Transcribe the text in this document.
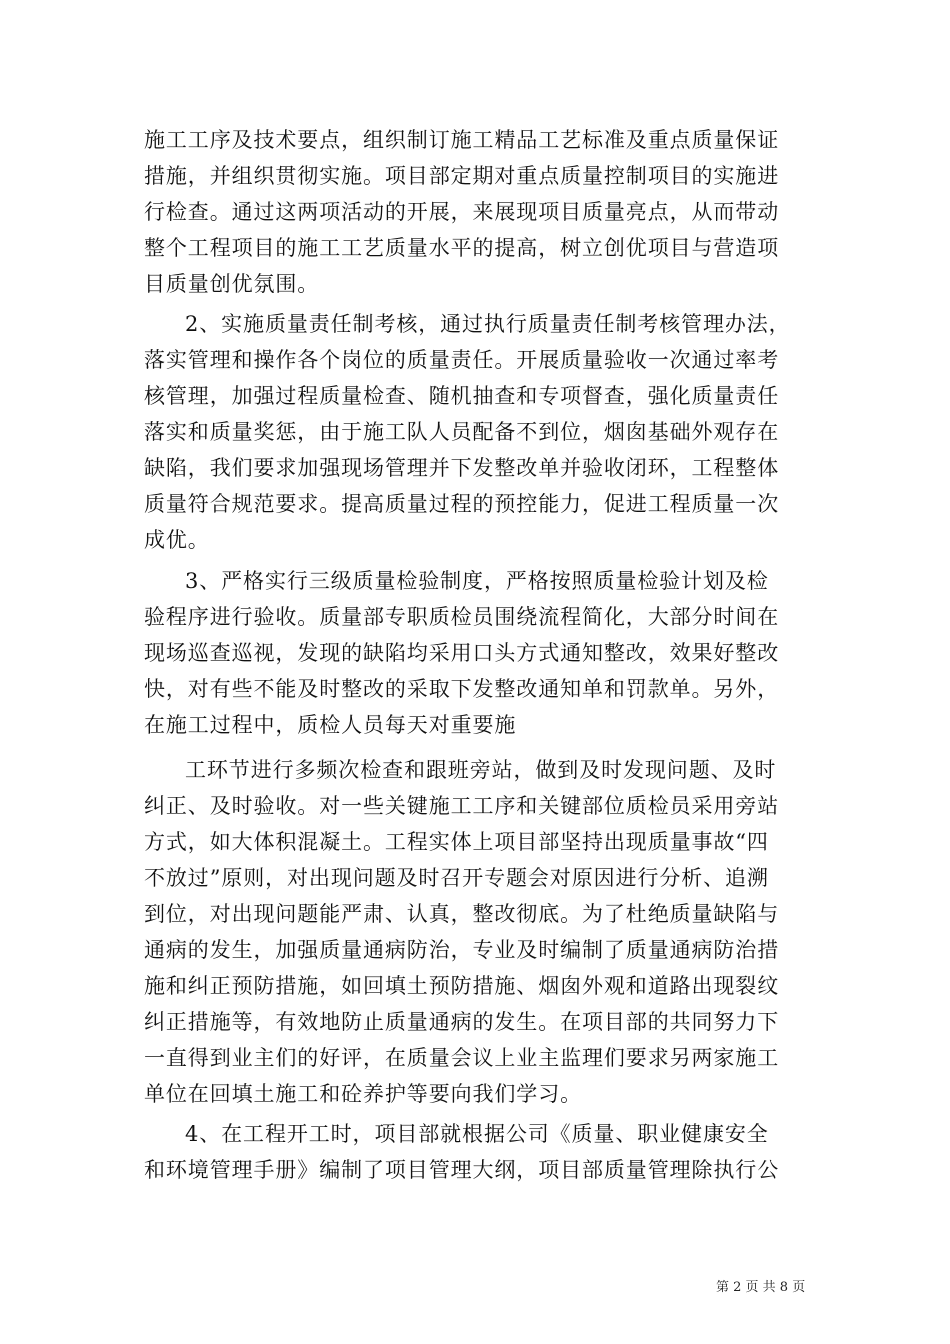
施工工序及技术要点，组织制订施工精品工艺标准及重点质量保证
措施，并组织贯彻实施。项目部定期对重点质量控制项目的实施进
行检查。通过这两项活动的开展，来展现项目质量亮点，从而带动
整个工程项目的施工工艺质量水平的提高，树立创优项目与营造项
目质量创优氛围。
2、实施质量责任制考核，通过执行质量责任制考核管理办法，
落实管理和操作各个岗位的质量责任。开展质量验收一次通过率考
核管理，加强过程质量检查、随机抽查和专项督查，强化质量责任
落实和质量奖惩，由于施工队人员配备不到位，烟囱基础外观存在
缺陷，我们要求加强现场管理并下发整改单并验收闭环，工程整体
质量符合规范要求。提高质量过程的预控能力，促进工程质量一次
成优。
3、严格实行三级质量检验制度，严格按照质量检验计划及检
验程序进行验收。质量部专职质检员围绕流程简化，大部分时间在
现场巡查巡视，发现的缺陷均采用口头方式通知整改，效果好整改
快，对有些不能及时整改的采取下发整改通知单和罚款单。另外，
在施工过程中，质检人员每天对重要施
工环节进行多频次检查和跟班旁站，做到及时发现问题、及时
纠正、及时验收。对一些关键施工工序和关键部位质检员采用旁站
方式，如大体积混凝土。工程实体上项目部坚持出现质量事故“四
不放过”原则，对出现问题及时召开专题会对原因进行分析、追溯
到位，对出现问题能严肃、认真，整改彻底。为了杜绝质量缺陷与
通病的发生，加强质量通病防治，专业及时编制了质量通病防治措
施和纠正预防措施，如回填土预防措施、烟囱外观和道路出现裂纹
纠正措施等，有效地防止质量通病的发生。在项目部的共同努力下
一直得到业主们的好评，在质量会议上业主监理们要求另两家施工
单位在回填土施工和砼养护等要向我们学习。
4、在工程开工时，项目部就根据公司《质量、职业健康安全
和环境管理手册》编制了项目管理大纲，项目部质量管理除执行公
第 2 页 共 8 页
